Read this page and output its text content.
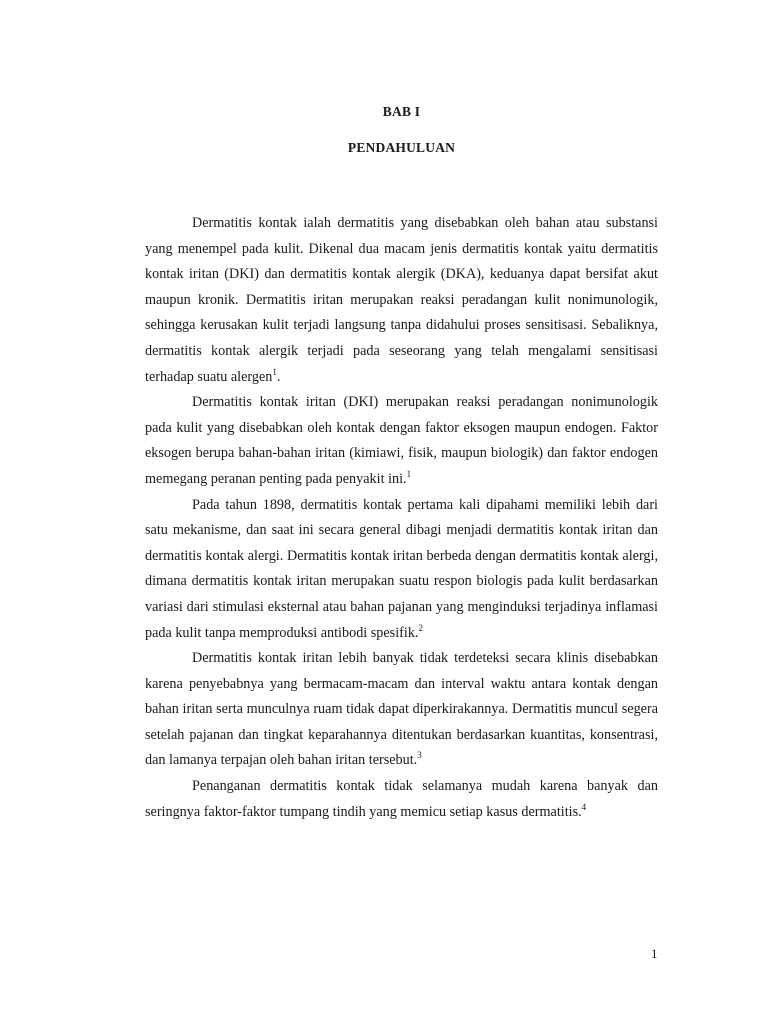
BAB I
PENDAHULUAN

Dermatitis kontak ialah dermatitis yang disebabkan oleh bahan atau substansi yang menempel pada kulit. Dikenal dua macam jenis dermatitis kontak yaitu dermatitis kontak iritan (DKI) dan dermatitis kontak alergik (DKA), keduanya dapat bersifat akut maupun kronik. Dermatitis iritan merupakan reaksi peradangan kulit nonimunologik, sehingga kerusakan kulit terjadi langsung tanpa didahului proses sensitisasi. Sebaliknya, dermatitis kontak alergik terjadi pada seseorang yang telah mengalami sensitisasi terhadap suatu alergen$^1$.

Dermatitis kontak iritan (DKI) merupakan reaksi peradangan nonimunologik pada kulit yang disebabkan oleh kontak dengan faktor eksogen maupun endogen. Faktor eksogen berupa bahan-bahan iritan (kimiawi, fisik, maupun biologik) dan faktor endogen memegang peranan penting pada penyakit ini.$^1$

Pada tahun 1898, dermatitis kontak pertama kali dipahami memiliki lebih dari satu mekanisme, dan saat ini secara general dibagi menjadi dermatitis kontak iritan dan dermatitis kontak alergi. Dermatitis kontak iritan berbeda dengan dermatitis kontak alergi, dimana dermatitis kontak iritan merupakan suatu respon biologis pada kulit berdasarkan variasi dari stimulasi eksternal atau bahan pajanan yang menginduksi terjadinya inflamasi pada kulit tanpa memproduksi antibodi spesifik.$^2$

Dermatitis kontak iritan lebih banyak tidak terdeteksi secara klinis disebabkan karena penyebabnya yang bermacam-macam dan interval waktu antara kontak dengan bahan iritan serta munculnya ruam tidak dapat diperkirakannya. Dermatitis muncul segera setelah pajanan dan tingkat keparahannya ditentukan berdasarkan kuantitas, konsentrasi, dan lamanya terpajan oleh bahan iritan tersebut.$^3$

Penanganan dermatitis kontak tidak selamanya mudah karena banyak dan seringnya faktor-faktor tumpang tindih yang memicu setiap kasus dermatitis.$^4$

1
